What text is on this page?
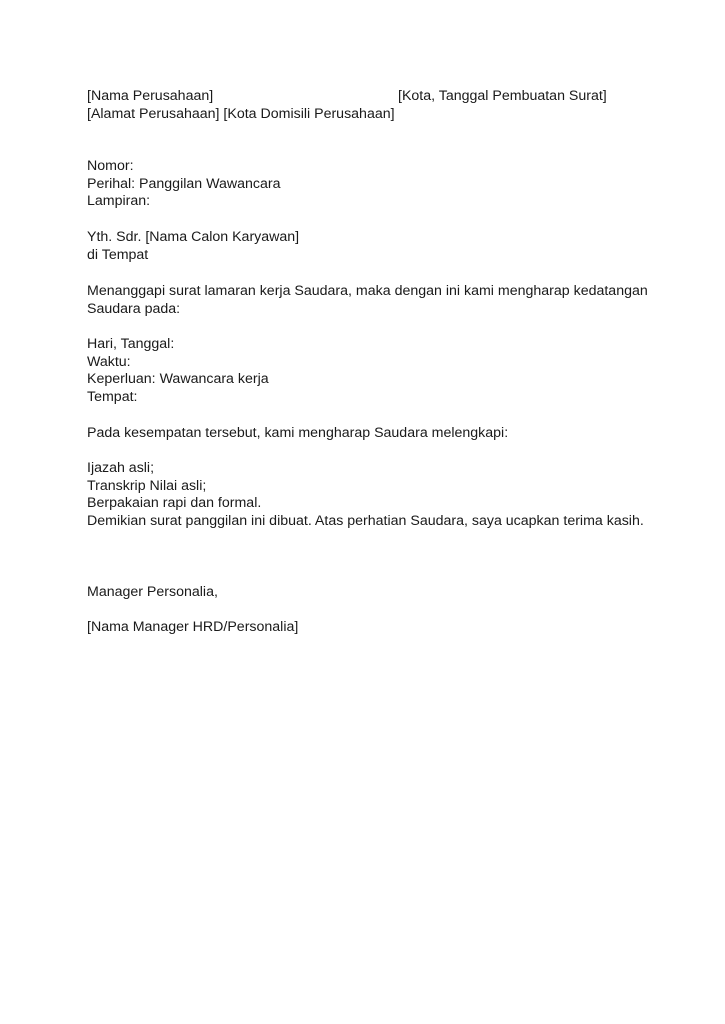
[Nama Perusahaan]	[Kota, Tanggal Pembuatan Surat]
[Alamat Perusahaan] [Kota Domisili Perusahaan]
Nomor:
Perihal: Panggilan Wawancara
Lampiran:
Yth. Sdr. [Nama Calon Karyawan]
di Tempat
Menanggapi surat lamaran kerja Saudara, maka dengan ini kami mengharap kedatangan
Saudara pada:
Hari, Tanggal:
Waktu:
Keperluan: Wawancara kerja
Tempat:
Pada kesempatan tersebut, kami mengharap Saudara melengkapi:
Ijazah asli;
Transkrip Nilai asli;
Berpakaian rapi dan formal.
Demikian surat panggilan ini dibuat. Atas perhatian Saudara, saya ucapkan terima kasih.
Manager Personalia,
[Nama Manager HRD/Personalia]
